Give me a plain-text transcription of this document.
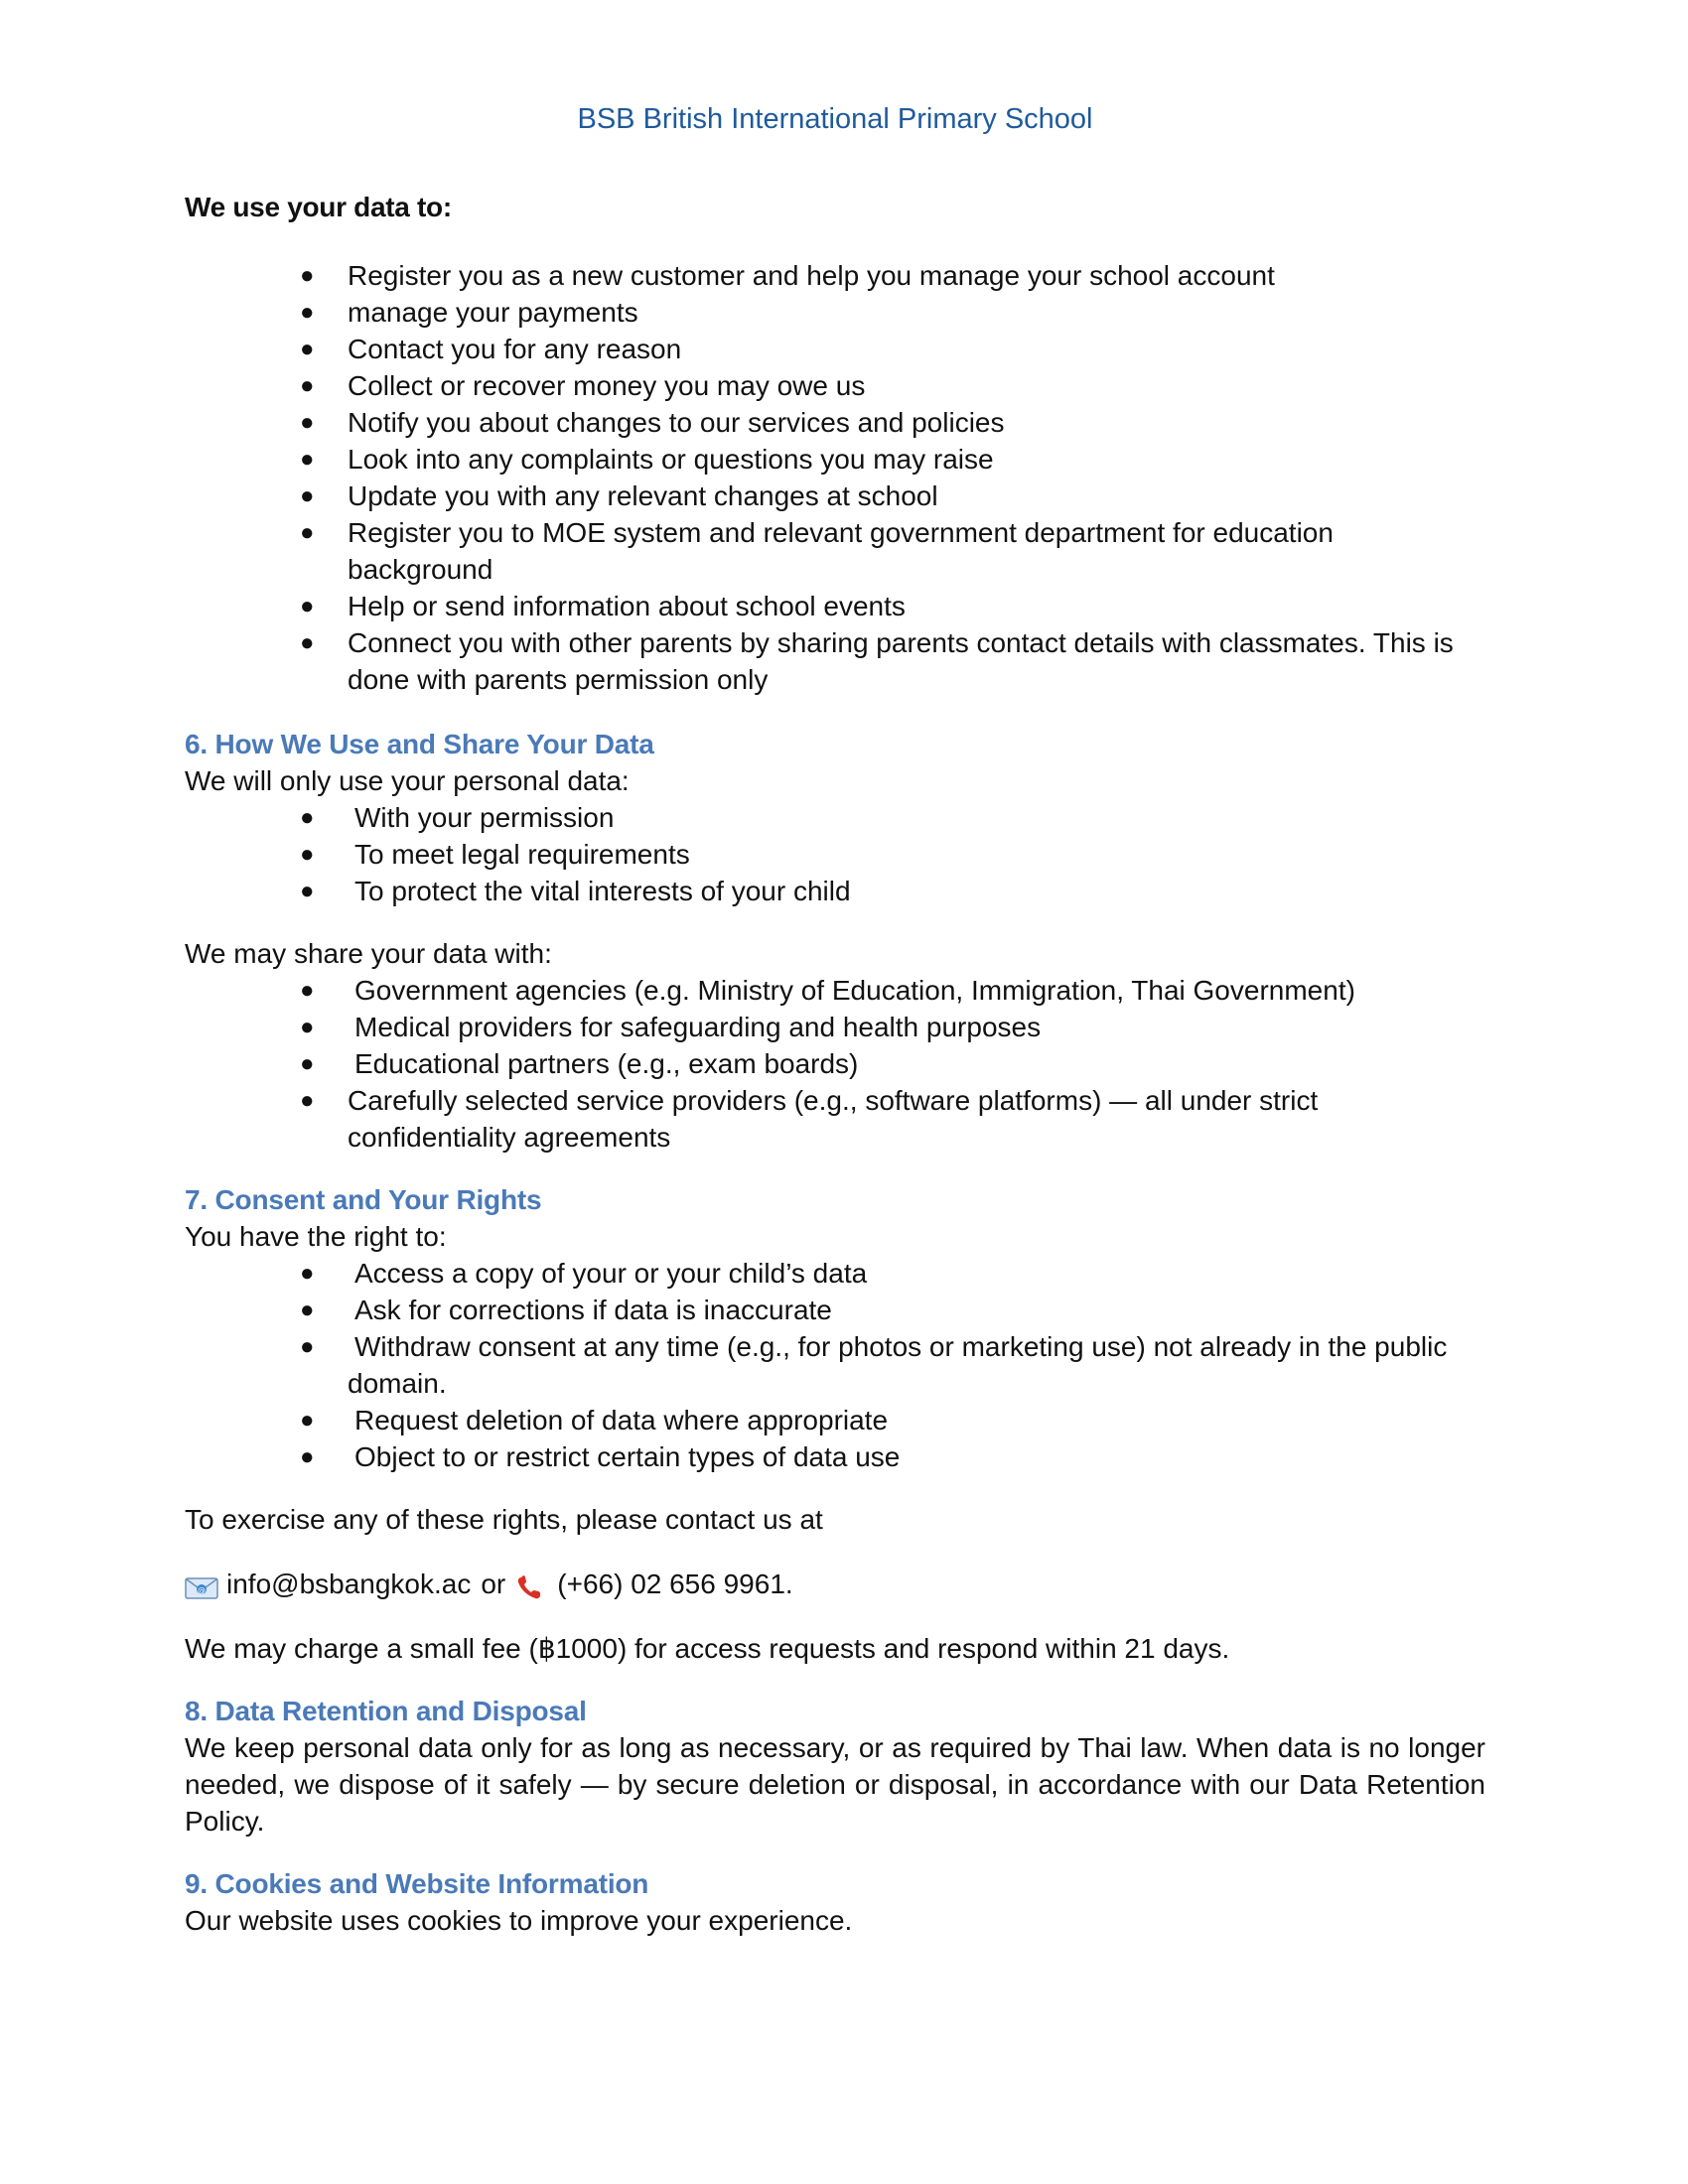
BSB British International Primary School
We use your data to:
● Register you as a new customer and help you manage your school account
● manage your payments
● Contact you for any reason
● Collect or recover money you may owe us
● Notify you about changes to our services and policies
● Look into any complaints or questions you may raise
● Update you with any relevant changes at school
● Register you to MOE system and relevant government department for education background
● Help or send information about school events
● Connect you with other parents by sharing parents contact details with classmates. This is done with parents permission only
6. How We Use and Share Your Data
We will only use your personal data:
● With your permission
● To meet legal requirements
● To protect the vital interests of your child
We may share your data with:
● Government agencies (e.g. Ministry of Education, Immigration, Thai Government)
● Medical providers for safeguarding and health purposes
● Educational partners (e.g., exam boards)
● Carefully selected service providers (e.g., software platforms) — all under strict confidentiality agreements
7. Consent and Your Rights
You have the right to:
● Access a copy of your or your child’s data
● Ask for corrections if data is inaccurate
● Withdraw consent at any time (e.g., for photos or marketing use) not already in the public domain.
● Request deletion of data where appropriate
● Object to or restrict certain types of data use
To exercise any of these rights, please contact us at
@ info@bsbangkok.ac or (+66) 02 656 9961.
We may charge a small fee (฿1000) for access requests and respond within 21 days.
8. Data Retention and Disposal
We keep personal data only for as long as necessary, or as required by Thai law. When data is no longer needed, we dispose of it safely — by secure deletion or disposal, in accordance with our Data Retention Policy.
9. Cookies and Website Information
Our website uses cookies to improve your experience.
